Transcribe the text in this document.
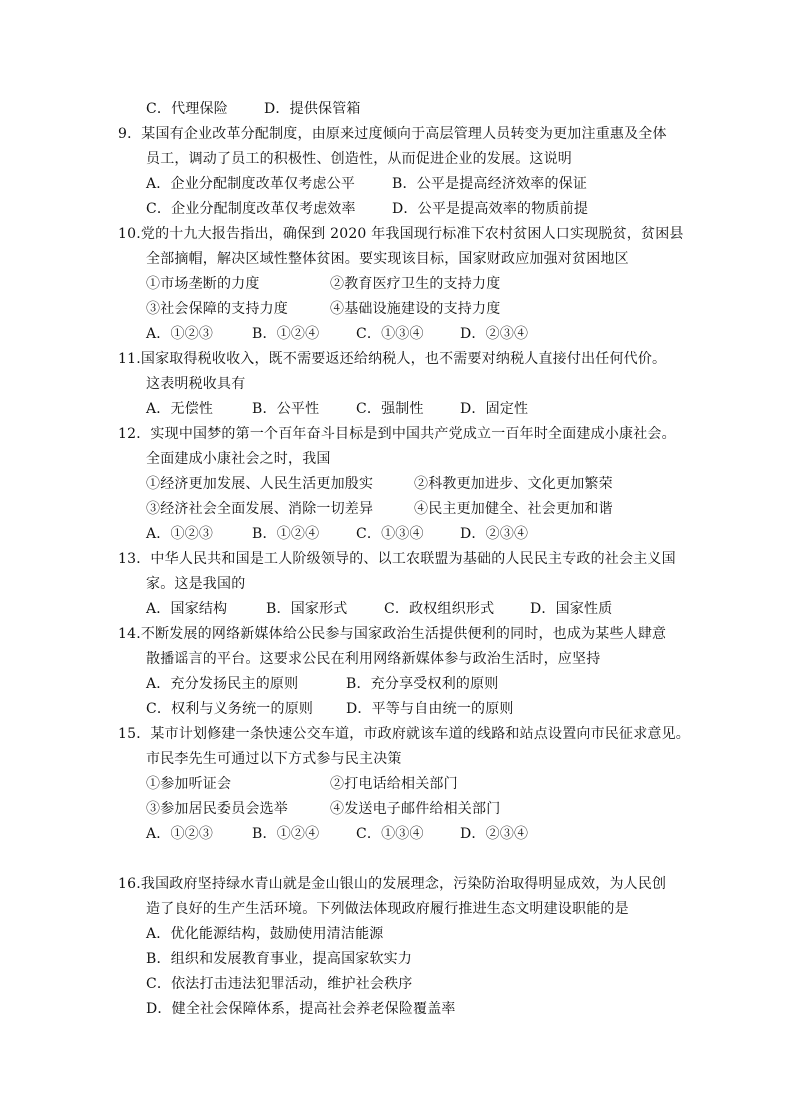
C．代理保险	D．提供保管箱
9．某国有企业改革分配制度，由原来过度倾向于高层管理人员转变为更加注重惠及全体
员工，调动了员工的积极性、创造性，从而促进企业的发展。这说明
A．企业分配制度改革仅考虑公平	B．公平是提高经济效率的保证
C．企业分配制度改革仅考虑效率	D．公平是提高效率的物质前提
10.党的十九大报告指出，确保到 2020 年我国现行标准下农村贫困人口实现脱贫，贫困县
全部摘帽，解决区域性整体贫困。要实现该目标，国家财政应加强对贫困地区
①市场垄断的力度	②教育医疗卫生的支持力度
③社会保障的支持力度	④基础设施建设的支持力度
A．①②③	B．①②④	C．①③④	D．②③④
11.国家取得税收收入，既不需要返还给纳税人，也不需要对纳税人直接付出任何代价。
这表明税收具有
A．无偿性	B．公平性	C．强制性	D．固定性
12．实现中国梦的第一个百年奋斗目标是到中国共产党成立一百年时全面建成小康社会。
全面建成小康社会之时，我国
①经济更加发展、人民生活更加殷实	②科教更加进步、文化更加繁荣
③经济社会全面发展、消除一切差异	④民主更加健全、社会更加和谐
A．①②③	B．①②④	C．①③④	D．②③④
13．中华人民共和国是工人阶级领导的、以工农联盟为基础的人民民主专政的社会主义国
家。这是我国的
A．国家结构	B．国家形式	C．政权组织形式	D．国家性质
14.不断发展的网络新媒体给公民参与国家政治生活提供便利的同时，也成为某些人肆意
散播谣言的平台。这要求公民在利用网络新媒体参与政治生活时，应坚持
A．充分发扬民主的原则	B．充分享受权利的原则
C．权利与义务统一的原则 D．平等与自由统一的原则
15．某市计划修建一条快速公交车道，市政府就该车道的线路和站点设置向市民征求意见。
市民李先生可通过以下方式参与民主决策
①参加听证会	②打电话给相关部门
③参加居民委员会选举	④发送电子邮件给相关部门
A．①②③	B．①②④	C．①③④	D．②③④
16.我国政府坚持绿水青山就是金山银山的发展理念，污染防治取得明显成效，为人民创
造了良好的生产生活环境。下列做法体现政府履行推进生态文明建设职能的是
A．优化能源结构，鼓励使用清洁能源
B．组织和发展教育事业，提高国家软实力
C．依法打击违法犯罪活动，维护社会秩序
D．健全社会保障体系，提高社会养老保险覆盖率
